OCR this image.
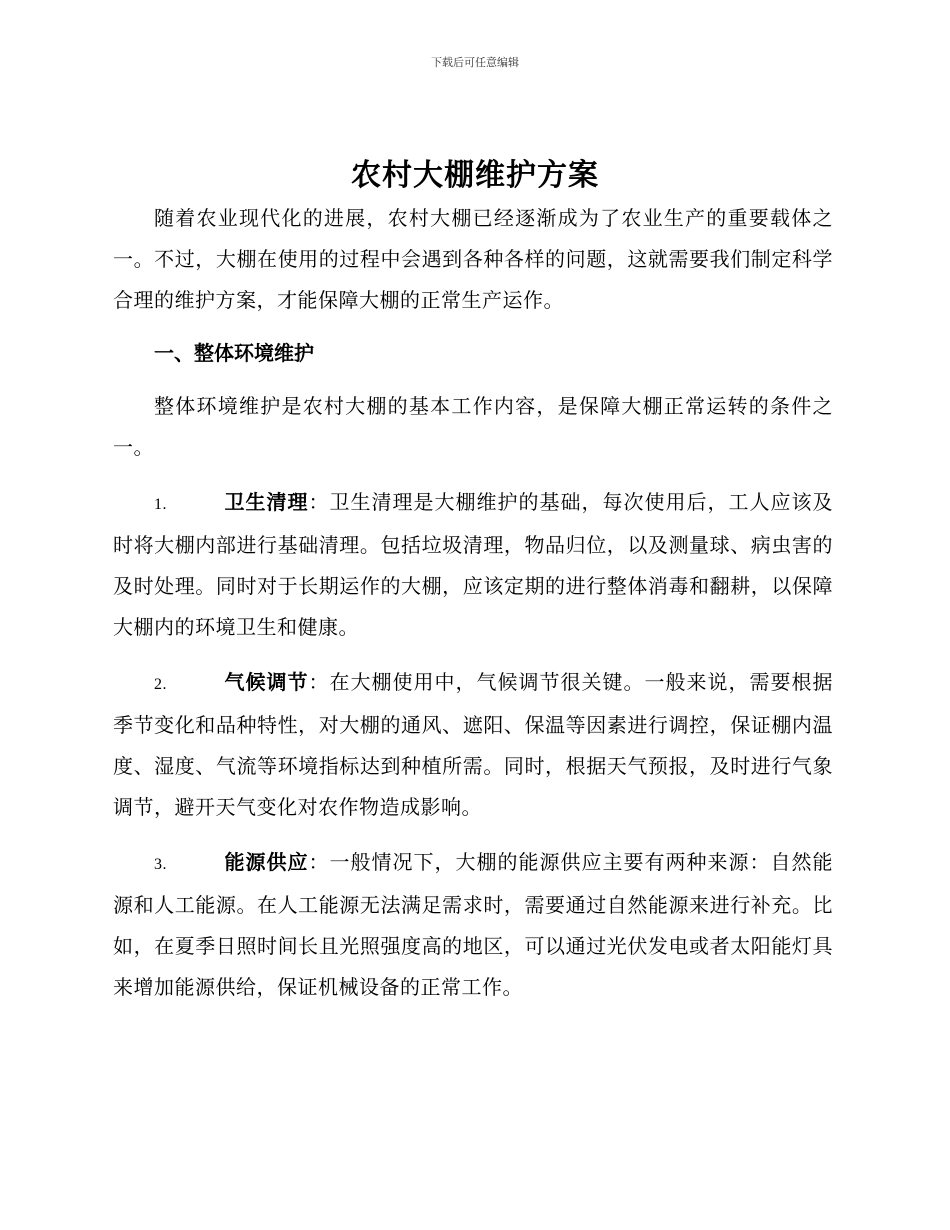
下载后可任意编辑
农村大棚维护方案

随着农业现代化的进展，农村大棚已经逐渐成为了农业生产的重要载体之一。不过，大棚在使用的过程中会遇到各种各样的问题，这就需要我们制定科学合理的维护方案，才能保障大棚的正常生产运作。

一、整体环境维护

整体环境维护是农村大棚的基本工作内容，是保障大棚正常运转的条件之一。

1.	卫生清理：卫生清理是大棚维护的基础，每次使用后，工人应该及时将大棚内部进行基础清理。包括垃圾清理，物品归位，以及测量球、病虫害的及时处理。同时对于长期运作的大棚，应该定期的进行整体消毒和翻耕，以保障大棚内的环境卫生和健康。

2.	气候调节：在大棚使用中，气候调节很关键。一般来说，需要根据季节变化和品种特性，对大棚的通风、遮阳、保温等因素进行调控，保证棚内温度、湿度、气流等环境指标达到种植所需。同时，根据天气预报，及时进行气象调节，避开天气变化对农作物造成影响。

3.	能源供应：一般情况下，大棚的能源供应主要有两种来源：自然能源和人工能源。在人工能源无法满足需求时，需要通过自然能源来进行补充。比如，在夏季日照时间长且光照强度高的地区，可以通过光伏发电或者太阳能灯具来增加能源供给，保证机械设备的正常工作。
